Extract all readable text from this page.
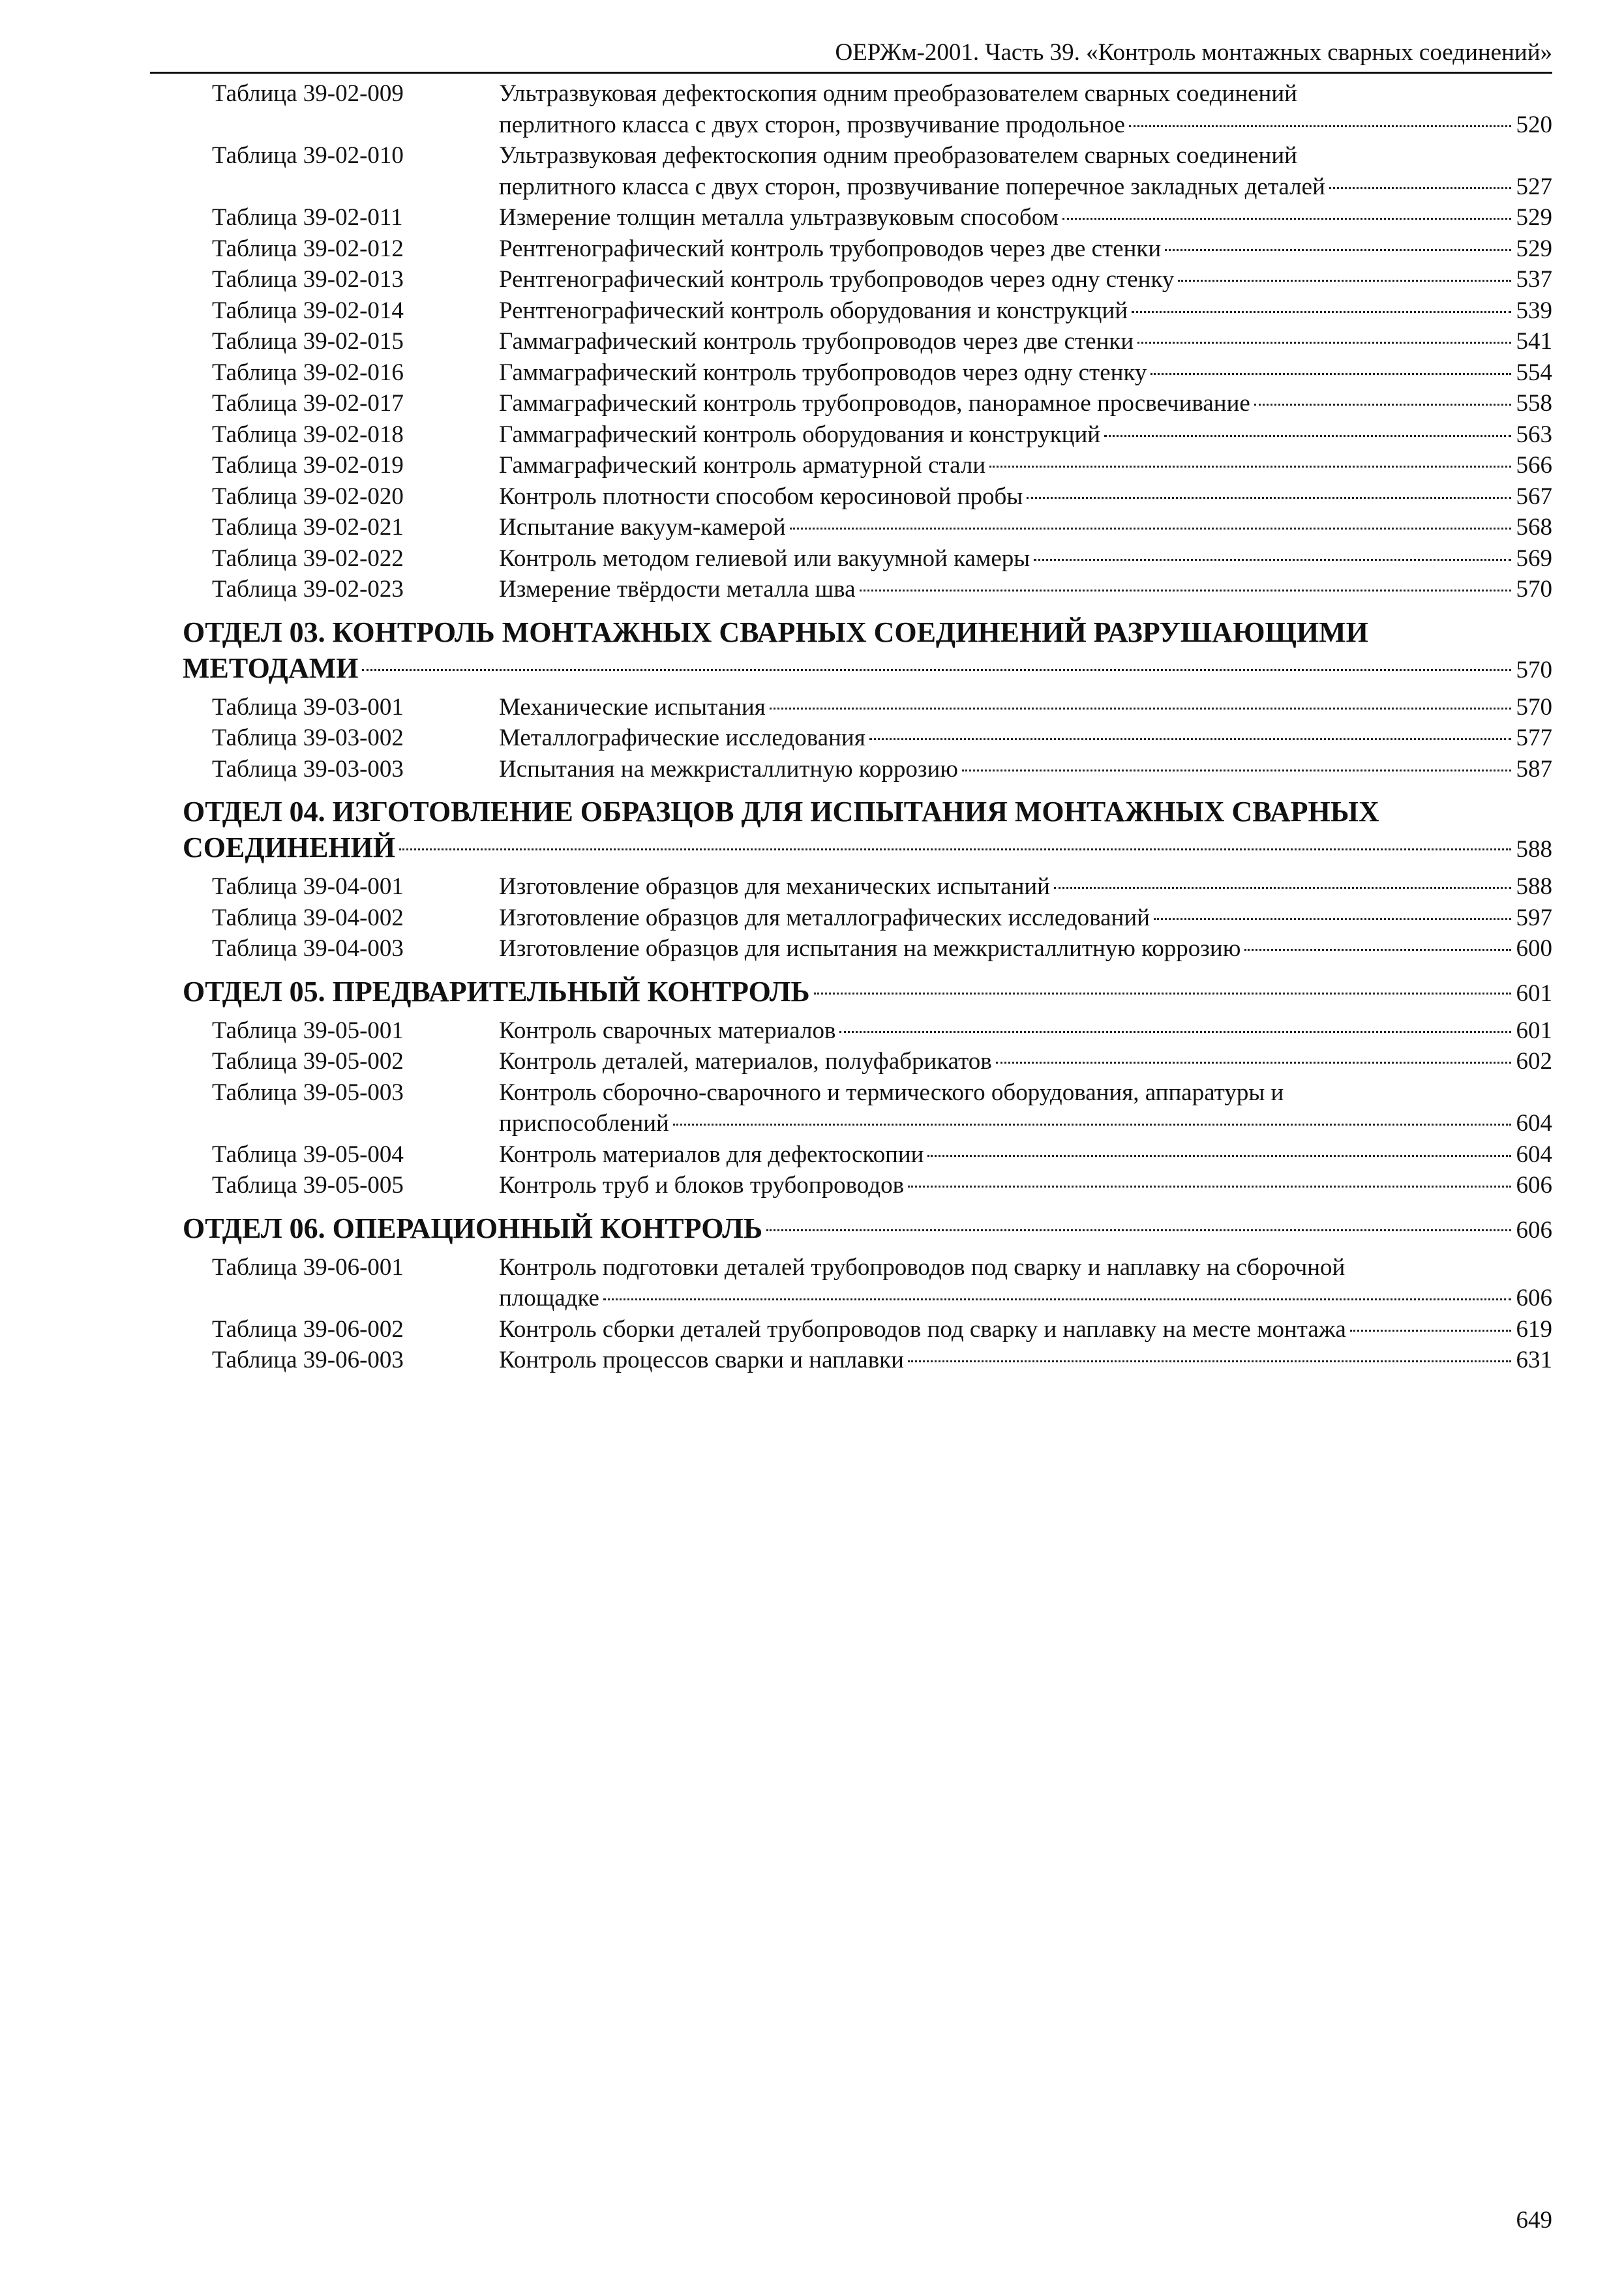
ОЕРЖм-2001. Часть 39. «Контроль монтажных сварных соединений»
Таблица 39-02-009	Ультразвуковая дефектоскопия одним преобразователем сварных соединений
перлитного класса с двух сторон, прозвучивание продольное	520
Таблица 39-02-010	Ультразвуковая дефектоскопия одним преобразователем сварных соединений
перлитного класса с двух сторон, прозвучивание поперечное закладных деталей	527
Таблица 39-02-011	Измерение толщин металла ультразвуковым способом	529
Таблица 39-02-012	Рентгенографический контроль трубопроводов через две стенки	529
Таблица 39-02-013	Рентгенографический контроль трубопроводов через одну стенку	537
Таблица 39-02-014	Рентгенографический контроль оборудования и конструкций	539
Таблица 39-02-015	Гаммаграфический контроль трубопроводов через две стенки	541
Таблица 39-02-016	Гаммаграфический контроль трубопроводов через одну стенку	554
Таблица 39-02-017	Гаммаграфический контроль трубопроводов, панорамное просвечивание	558
Таблица 39-02-018	Гаммаграфический контроль оборудования и конструкций	563
Таблица 39-02-019	Гаммаграфический контроль арматурной стали	566
Таблица 39-02-020	Контроль плотности способом керосиновой пробы	567
Таблица 39-02-021	Испытание вакуум-камерой	568
Таблица 39-02-022	Контроль методом гелиевой или вакуумной камеры	569
Таблица 39-02-023	Измерение твёрдости металла шва	570
ОТДЕЛ 03. КОНТРОЛЬ МОНТАЖНЫХ СВАРНЫХ СОЕДИНЕНИЙ РАЗРУШАЮЩИМИ
МЕТОДАМИ	570
Таблица 39-03-001	Механические испытания	570
Таблица 39-03-002	Металлографические исследования	577
Таблица 39-03-003	Испытания на межкристаллитную коррозию	587
ОТДЕЛ 04. ИЗГОТОВЛЕНИЕ ОБРАЗЦОВ ДЛЯ ИСПЫТАНИЯ МОНТАЖНЫХ СВАРНЫХ
СОЕДИНЕНИЙ	588
Таблица 39-04-001	Изготовление образцов для механических испытаний	588
Таблица 39-04-002	Изготовление образцов для металлографических исследований	597
Таблица 39-04-003	Изготовление образцов для испытания на межкристаллитную коррозию	600
ОТДЕЛ 05. ПРЕДВАРИТЕЛЬНЫЙ КОНТРОЛЬ	601
Таблица 39-05-001	Контроль сварочных материалов	601
Таблица 39-05-002	Контроль деталей, материалов, полуфабрикатов	602
Таблица 39-05-003	Контроль сборочно-сварочного и термического оборудования, аппаратуры и
приспособлений	604
Таблица 39-05-004	Контроль материалов для дефектоскопии	604
Таблица 39-05-005	Контроль труб и блоков трубопроводов	606
ОТДЕЛ 06. ОПЕРАЦИОННЫЙ КОНТРОЛЬ	606
Таблица 39-06-001	Контроль подготовки деталей трубопроводов под сварку и наплавку на сборочной
площадке	606
Таблица 39-06-002	Контроль сборки деталей трубопроводов под сварку и наплавку на месте монтажа	619
Таблица 39-06-003	Контроль процессов сварки и наплавки	631
649
